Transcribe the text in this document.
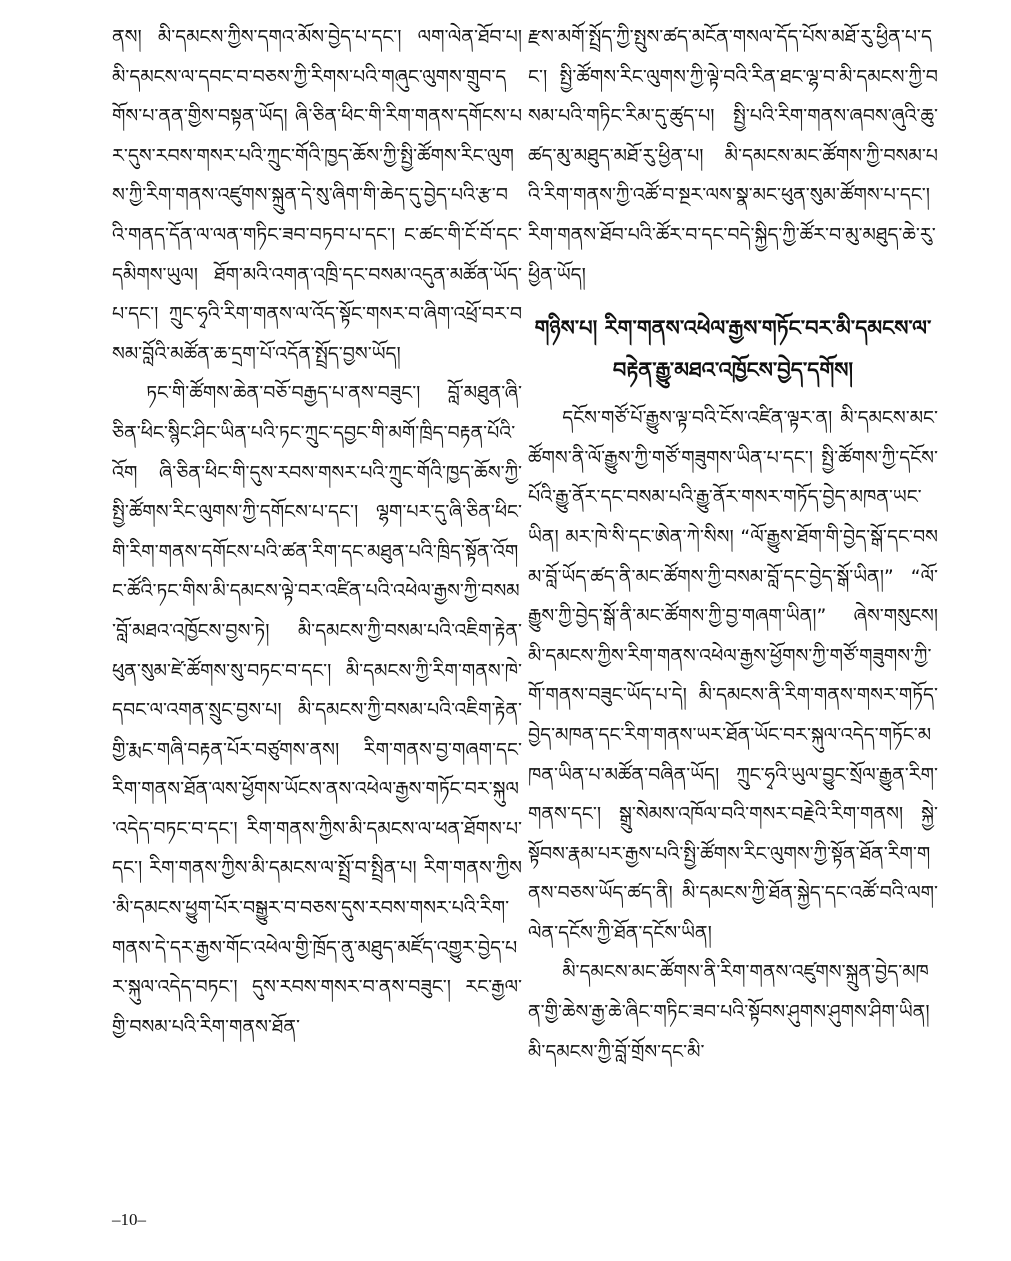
ནས། མི་དམངས་ཀྱིས་དགའ་མོས་བྱེད་པ་དང་། ལག་ལེན་ཐོབ་པ། མི་དམངས་ལ་དབང་བ་བཅས་ཀྱི་རིགས་པའི་གཞུང་ལུགས་གྲུབ་དགོས་པ་ནན་གྱིས་བསྟན་ཡོད། ཞི་ཅིན་ཕིང་གི་རིག་གནས་དགོངས་པར་དུས་རབས་གསར་པའི་ཀྲུང་གོའི་ཁྱད་ཆོས་ཀྱི་སྤྱི་ཚོགས་རིང་ལུགས་ཀྱི་རིག་གནས་འཛུགས་སྐྲུན་དེ་སུ་ཞིག་གི་ཆེད་དུ་བྱེད་པའི་རྩ་བའི་གནད་དོན་ལ་ལན་གཏིང་ཟབ་བཏབ་པ་དང་། ང་ཚང་གི་ངོ་བོ་དང་དམིགས་ཡུལ། ཐོག་མའི་འགན་འཁྲི་དང་བསམ་འདུན་མཚོན་ཡོད་པ་དང་། ཀྲུང་ཧྭའི་རིག་གནས་ལ་འོད་སྟོང་གསར་བ་ཞིག་འཕྲོ་བར་བསམ་བློའི་མཚོན་ཆ་དྲག་པོ་འདོན་སྤྲོད་བྱས་ཡོད།

ཏང་གི་ཚོགས་ཆེན་བཅོ་བརྒྱད་པ་ནས་བཟུང་། བློ་མཐུན་ཞི་ཅིན་ཕིང་སྙིང་ཤིང་ཡིན་པའི་ཏང་ཀྲུང་དབྱང་གི་མགོ་ཁྲིད་བརྟན་པོའི་འོག ཞི་ཅིན་ཕིང་གི་དུས་རབས་གསར་པའི་ཀྲུང་གོའི་ཁྱད་ཆོས་ཀྱི་སྤྱི་ཚོགས་རིང་ལུགས་ཀྱི་དགོངས་པ་དང་། ལྷག་པར་དུ་ཞི་ཅིན་ཕིང་གི་རིག་གནས་དགོངས་པའི་ཚན་རིག་དང་མཐུན་པའི་ཁྲིད་སྟོན་འོག ང་ཚོའི་ཏང་གིས་མི་དམངས་ལྟེ་བར་འཛིན་པའི་འཕེལ་རྒྱས་ཀྱི་བསམ་བློ་མཐའ་འཁྱོངས་བྱས་ཏེ། མི་དམངས་ཀྱི་བསམ་པའི་འཇིག་རྟེན་ཕུན་སུམ་ཛེ་ཚོགས་སུ་བཏང་བ་དང་། མི་དམངས་ཀྱི་རིག་གནས་ཁེ་དབང་ལ་འགན་སྲུང་བྱས་པ། མི་དམངས་ཀྱི་བསམ་པའི་འཇིག་རྟེན་གྱི་རྨང་གཞི་བརྟན་པོར་བཙུགས་ནས། རིག་གནས་བྱ་གཞག་དང་རིག་གནས་ཐོན་ལས་ཕྱོགས་ཡོངས་ནས་འཕེལ་རྒྱས་གཏོང་བར་སྐུལ་འདེད་བཏང་བ་དང་། རིག་གནས་ཀྱིས་མི་དམངས་ལ་ཕན་ཐོགས་པ་དང་། རིག་གནས་ཀྱིས་མི་དམངས་ལ་སྤྲོ་བ་སྤྲིན་པ། རིག་གནས་ཀྱིས་མི་དམངས་ཕྱུག་པོར་བསྒྱུར་བ་བཅས་དུས་རབས་གསར་པའི་རིག་གནས་དེ་དར་རྒྱས་གོང་འཕེལ་གྱི་ཁྲོད་ནུ་མཐུད་མཛོད་འགྱུར་བྱེད་པར་སྐུལ་འདེད་བཏང་། དུས་རབས་གསར་བ་ནས་བཟུང་། རང་རྒྱལ་གྱི་བསམ་པའི་རིག་གནས་ཐོན་

རྫས་མགོ་སྤྲོད་ཀྱི་སྤུས་ཚད་མངོན་གསལ་དོད་པོས་མཐོ་རུ་ཕྱིན་པ་དང་། སྤྱི་ཚོགས་རིང་ལུགས་ཀྱི་ལྟེ་བའི་རིན་ཐང་ལྷ་བ་མི་དམངས་ཀྱི་བསམ་པའི་གཏིང་རིམ་དུ་ཚུད་པ། སྤྱི་པའི་རིག་གནས་ཞབས་ཞུའི་ཆུ་ཚད་མུ་མཐུད་མཐོ་རུ་ཕྱིན་པ། མི་དམངས་མང་ཚོགས་ཀྱི་བསམ་པའི་རིག་གནས་ཀྱི་འཚོ་བ་སྔར་ལས་སྣ་མང་ཕུན་སུམ་ཚོགས་པ་དང་། རིག་གནས་ཐོབ་པའི་ཚོར་བ་དང་བདེ་སྐྱིད་ཀྱི་ཚོར་བ་མུ་མཐུད་ཆེ་རུ་ཕྱིན་ཡོད།

གཉིས་པ། རིག་གནས་འཕེལ་རྒྱས་གཏོང་བར་མི་དམངས་ལ་བརྟེན་རྒྱུ་མཐའ་འཁྱོངས་བྱེད་དགོས།

དངོས་གཙོ་པོ་རྒྱུས་ལྟ་བའི་ངོས་འཛིན་ལྟར་ན། མི་དམངས་མང་ཚོགས་ནི་ལོ་རྒྱུས་ཀྱི་གཙོ་གཟུགས་ཡིན་པ་དང་། སྤྱི་ཚོགས་ཀྱི་དངོས་པོའི་རྒྱུ་ནོར་དང་བསམ་པའི་རྒྱུ་ནོར་གསར་གཏོད་བྱེད་མཁན་ཡང་ཡིན། མར་ཁེ་སི་དང་ཨེན་ཀེ་སིས། “ལོ་རྒྱུས་ཐོག་གི་བྱེད་སྒོ་དང་བསམ་བློ་ཡོད་ཚད་ནི་མང་ཚོགས་ཀྱི་བསམ་བློ་དང་བྱེད་སྒོ་ཡིན།” “ལོ་རྒྱུས་ཀྱི་བྱེད་སྒོ་ནི་མང་ཚོགས་ཀྱི་བྱ་གཞག་ཡིན།” ཞེས་གསུངས། མི་དམངས་ཀྱིས་རིག་གནས་འཕེལ་རྒྱས་ཕྱོགས་ཀྱི་གཙོ་གཟུགས་ཀྱི་གོ་གནས་བཟུང་ཡོད་པ་དེ། མི་དམངས་ནི་རིག་གནས་གསར་གཏོད་བྱེད་མཁན་དང་རིག་གནས་ཡར་ཐོན་ཡོང་བར་སྐུལ་འདེད་གཏོང་མཁན་ཡིན་པ་མཚོན་བཞིན་ཡོད། ཀྲུང་ཧྭའི་ཡུལ་བྱུང་སྲོལ་རྒྱུན་རིག་གནས་དང་། སྒྲུ་སེམས་འཁོལ་བའི་གསར་བརྗེའི་རིག་གནས། སྐྱེ་སྟོབས་རྣམ་པར་རྒྱས་པའི་སྤྱི་ཚོགས་རིང་ལུགས་ཀྱི་སྟོན་ཐོན་རིག་གནས་བཅས་ཡོད་ཚད་ནི། མི་དམངས་ཀྱི་ཐོན་སྐྱེད་དང་འཚོ་བའི་ལག་ལེན་དངོས་ཀྱི་ཐོན་དངོས་ཡིན།

མི་དམངས་མང་ཚོགས་ནི་རིག་གནས་འཛུགས་སྐྲུན་བྱེད་མཁན་གྱི་ཆེས་རྒྱ་ཆེ་ཞིང་གཏིང་ཟབ་པའི་སྟོབས་ཤུགས་ཤུགས་ཤིག་ཡིན། མི་དམངས་ཀྱི་བློ་གྲོས་དང་མི་

–10–
